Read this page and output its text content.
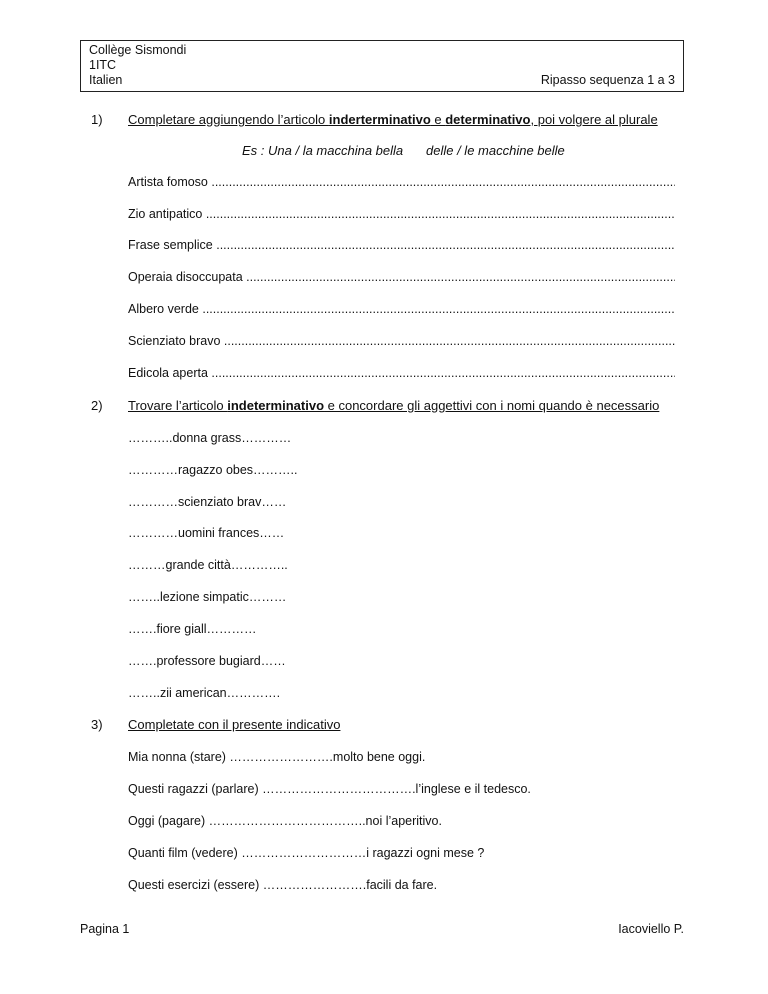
Collège Sismondi
1ITC
Italien	Ripasso sequenza 1 a 3
1) Completare aggiungendo l’articolo inderterminativo e determinativo, poi volgere al plurale
Es : Una / la macchina bella delle / le macchine belle
Artista fomoso .....
Zio antipatico .....
Frase semplice .....
Operaia disoccupata .....
Albero verde .....
Scienziato bravo .....
Edicola aperta .....
2) Trovare l’articolo indeterminativo e concordare gli aggettivi con i nomi quando è necessario
………..donna grass…………
…………ragazzo obes………..
…………scienziato brav……
…………uomini frances……
………grande città…………..
……..lezione simpatic………
…….fiore giall…………
…….professore bugiard……
……..zii american………….
3) Completate con il presente indicativo
Mia nonna (stare) …………………….molto bene oggi.
Questi ragazzi (parlare) ……………………………….l’inglese e il tedesco.
Oggi (pagare) ………………………………..noi l’aperitivo.
Quanti film (vedere) …………………………i ragazzi ogni mese ?
Questi esercizi (essere) …………………….facili da fare.
Pagina 1	Iacoviello P.
